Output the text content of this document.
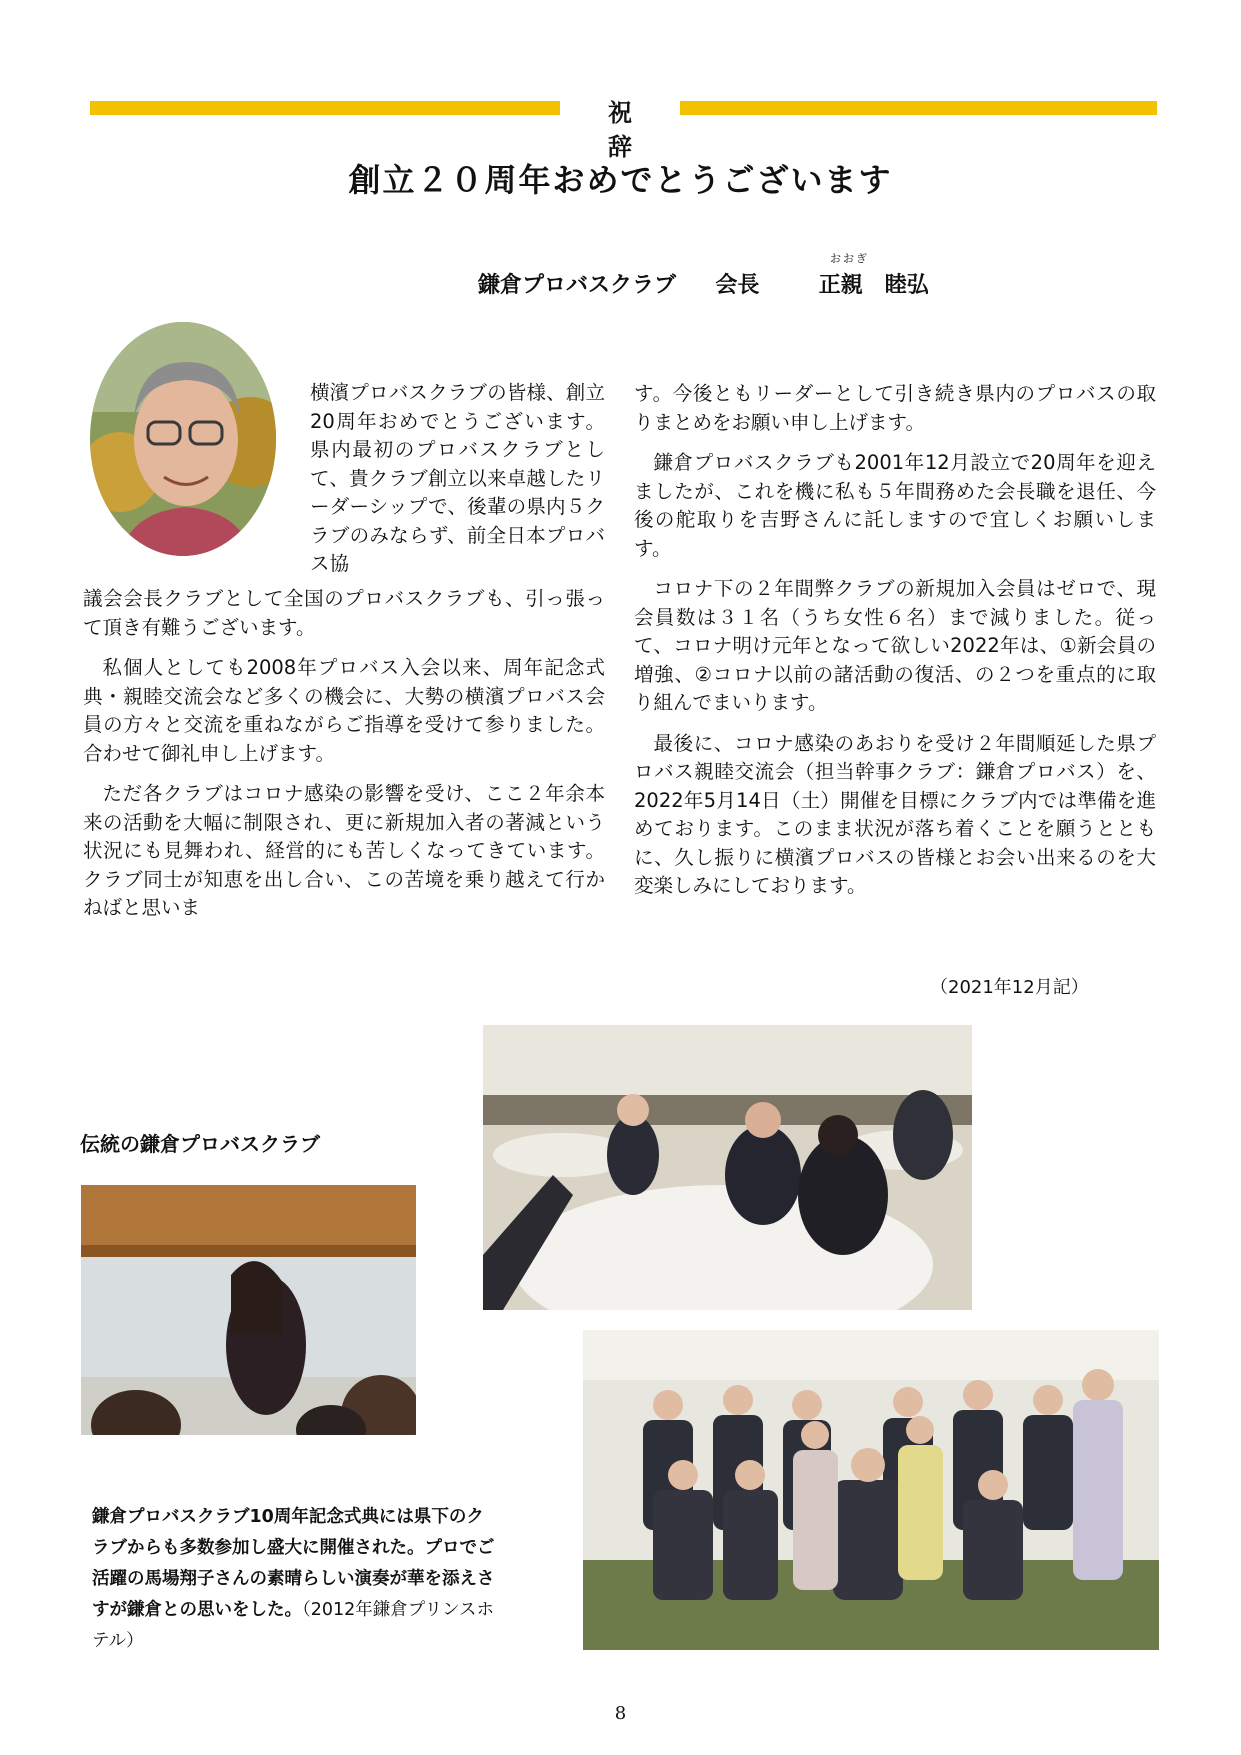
祝 辞
創立２０周年おめでとうございます
おおぎ
鎌倉プロバスクラブ 会長	正親　睦弘

横濱プロバスクラブの皆様、創立20周年おめでとうございます。県内最初のプロバスクラブとして、貴クラブ創立以来卓越したリーダーシップで、後輩の県内５クラブのみならず、前全日本プロバス協

議会会長クラブとして全国のプロバスクラブも、引っ張って頂き有難うございます。

私個人としても2008年プロバス入会以来、周年記念式典・親睦交流会など多くの機会に、大勢の横濱プロバス会員の方々と交流を重ねながらご指導を受けて参りました。合わせて御礼申し上げます。

ただ各クラブはコロナ感染の影響を受け、ここ２年余本来の活動を大幅に制限され、更に新規加入者の著減という状況にも見舞われ、経営的にも苦しくなってきています。クラブ同士が知恵を出し合い、この苦境を乗り越えて行かねばと思いま

す。今後ともリーダーとして引き続き県内のプロバスの取りまとめをお願い申し上げます。

鎌倉プロバスクラブも2001年12月設立で20周年を迎えましたが、これを機に私も５年間務めた会長職を退任、今後の舵取りを吉野さんに託しますので宜しくお願いします。

コロナ下の２年間弊クラブの新規加入会員はゼロで、現会員数は３１名（うち女性６名）まで減りました。従って、コロナ明け元年となって欲しい2022年は、①新会員の増強、②コロナ以前の諸活動の復活、の２つを重点的に取り組んでまいります。

最後に、コロナ感染のあおりを受け２年間順延した県プロバス親睦交流会（担当幹事クラブ：鎌倉プロバス）を、2022年5月14日（土）開催を目標にクラブ内では準備を進めております。このまま状況が落ち着くことを願うとともに、久し振りに横濱プロバスの皆様とお会い出来るのを大変楽しみにしております。

（2021年12月記）
伝統の鎌倉プロバスクラブ
鎌倉プロバスクラブ10周年記念式典には県下のクラブからも多数参加し盛大に開催された。プロでご活躍の馬場翔子さんの素晴らしい演奏が華を添えさすが鎌倉との思いをした。（2012年鎌倉プリンスホテル）
8
